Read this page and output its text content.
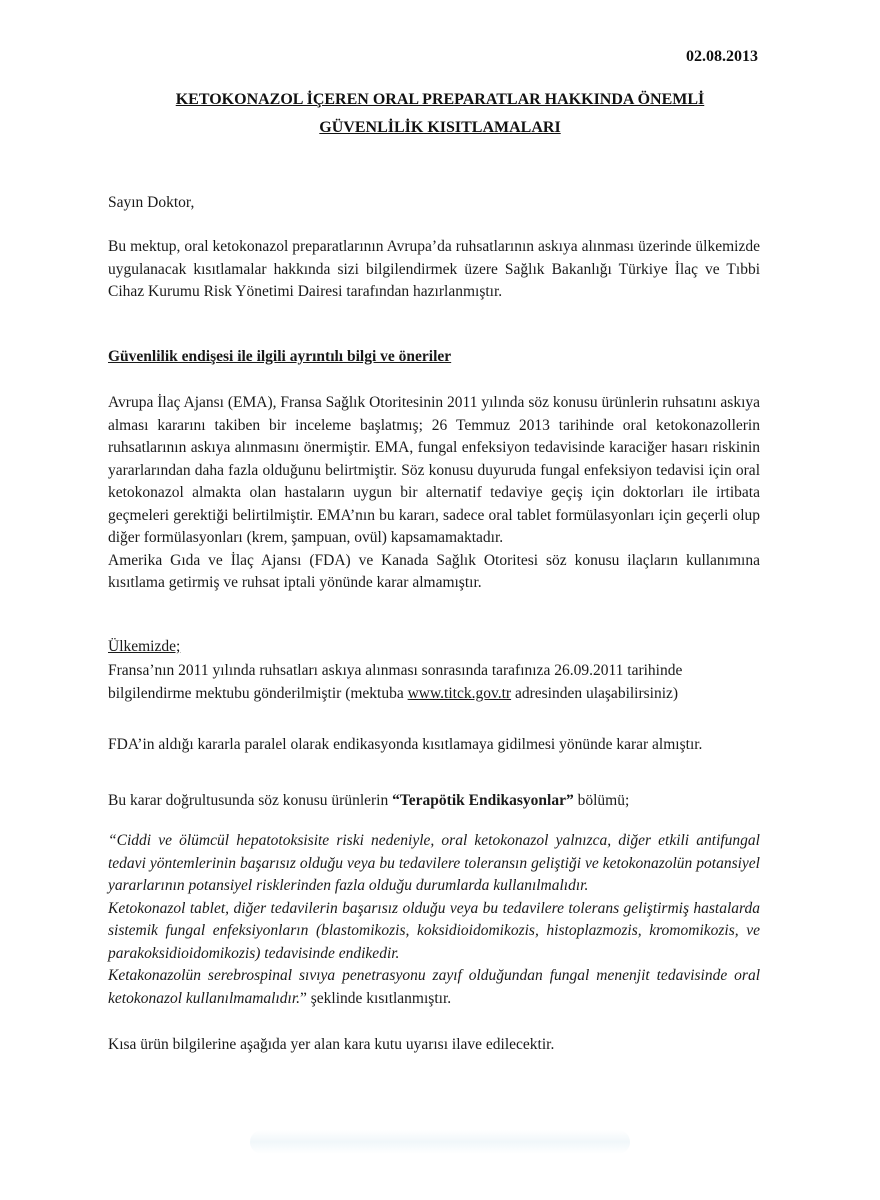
02.08.2013
KETOKONAZOL İÇEREN ORAL PREPARATLAR HAKKINDA ÖNEMLİ
GÜVENLİLİK KISITLAMALARI
Sayın Doktor,
Bu mektup, oral ketokonazol preparatlarının Avrupa’da ruhsatlarının askıya alınması üzerinde ülkemizde uygulanacak kısıtlamalar hakkında sizi bilgilendirmek üzere Sağlık Bakanlığı Türkiye İlaç ve Tıbbi Cihaz Kurumu Risk Yönetimi Dairesi tarafından hazırlanmıştır.
Güvenlilik endişesi ile ilgili ayrıntılı bilgi ve öneriler

Avrupa İlaç Ajansı (EMA), Fransa Sağlık Otoritesinin 2011 yılında söz konusu ürünlerin ruhsatını askıya alması kararını takiben bir inceleme başlatmış; 26 Temmuz 2013 tarihinde oral ketokonazollerin ruhsatlarının askıya alınmasını önermiştir. EMA, fungal enfeksiyon tedavisinde karaciğer hasarı riskinin yararlarından daha fazla olduğunu belirtmiştir. Söz konusu duyuruda fungal enfeksiyon tedavisi için oral ketokonazol almakta olan hastaların uygun bir alternatif tedaviye geçiş için doktorları ile irtibata geçmeleri gerektiği belirtilmiştir. EMA’nın bu kararı, sadece oral tablet formülasyonları için geçerli olup diğer formülasyonları (krem, şampuan, ovül) kapsamamaktadır.

Amerika Gıda ve İlaç Ajansı (FDA) ve Kanada Sağlık Otoritesi söz konusu ilaçların kullanımına kısıtlama getirmiş ve ruhsat iptali yönünde karar almamıştır.

Ülkemizde;
Fransa’nın 2011 yılında ruhsatları askıya alınması sonrasında tarafınıza 26.09.2011 tarihinde bilgilendirme mektubu gönderilmiştir (mektuba www.titck.gov.tr adresinden ulaşabilirsiniz)
FDA’in aldığı kararla paralel olarak endikasyonda kısıtlamaya gidilmesi yönünde karar almıştır.
Bu karar doğrultusunda söz konusu ürünlerin “Terapötik Endikasyonlar” bölümü;

“Ciddi ve ölümcül hepatotoksisite riski nedeniyle, oral ketokonazol yalnızca, diğer etkili antifungal tedavi yöntemlerinin başarısız olduğu veya bu tedavilere toleransın geliştiği ve ketokonazolün potansiyel yararlarının potansiyel risklerinden fazla olduğu durumlarda kullanılmalıdır.

Ketokonazol tablet, diğer tedavilerin başarısız olduğu veya bu tedavilere tolerans geliştirmiş hastalarda sistemik fungal enfeksiyonların (blastomikozis, koksidioidomikozis, histoplazmozis, kromomikozis, ve parakoksidioidomikozis) tedavisinde endikedir.

Ketakonazolün serebrospinal sıvıya penetrasyonu zayıf olduğundan fungal menenjit tedavisinde oral ketokonazol kullanılmamalıdır.” şeklinde kısıtlanmıştır.

Kısa ürün bilgilerine aşağıda yer alan kara kutu uyarısı ilave edilecektir.
